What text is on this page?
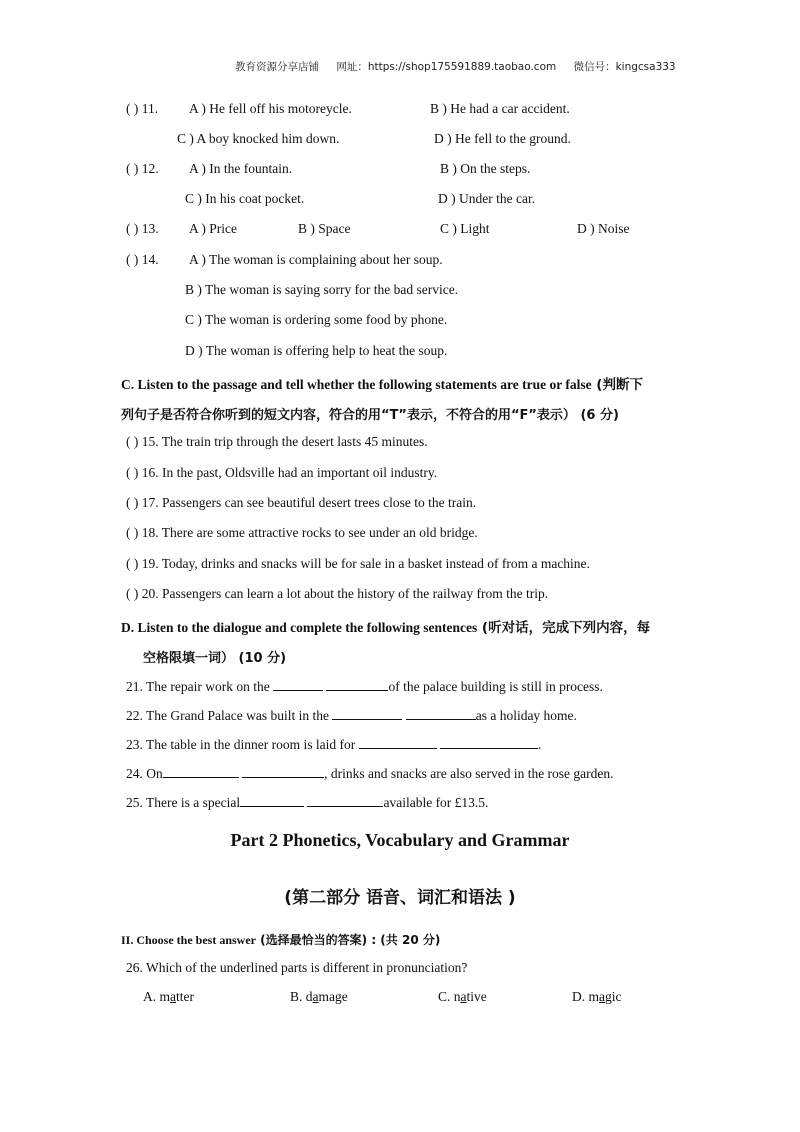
教育资源分享店铺 网址：https://shop175591889.taobao.com 微信号：kingcsa333
( ) 11. A ) He fell off his motoreycle.	B ) He had a car accident.
C ) A boy knocked him down.	D ) He fell to the ground.
( ) 12. A ) In the fountain.	B ) On the steps.
C ) In his coat pocket.	D ) Under the car.
( ) 13. A ) Price	B ) Space	C ) Light	D ) Noise
( ) 14. A ) The woman is complaining about her soup.
B ) The woman is saying sorry for the bad service.
C ) The woman is ordering some food by phone.
D ) The woman is offering help to heat the soup.
C. Listen to the passage and tell whether the following statements are true or false (判断下
列句子是否符合你听到的短文内容，符合的用“T”表示，不符合的用“F”表示） (6 分)
( ) 15. The train trip through the desert lasts 45 minutes.
( ) 16. In the past, Oldsville had an important oil industry.
( ) 17. Passengers can see beautiful desert trees close to the train.
( ) 18. There are some attractive rocks to see under an old bridge.
( ) 19. Today, drinks and snacks will be for sale in a basket instead of from a machine.
( ) 20. Passengers can learn a lot about the history of the railway from the trip.
D. Listen to the dialogue and complete the following sentences (听对话，完成下列内容，每
空格限填一词） (10 分)
21. The repair work on the	of the palace building is still in process.
22. The Grand Palace was built in the	as a holiday home.
23. The table in the dinner room is laid for	.
24. On	, drinks and snacks are also served in the rose garden.
25. There is a special	available for £13.5.
Part 2 Phonetics, Vocabulary and Grammar
(第二部分 语音、词汇和语法 )
II. Choose the best answer (选择最恰当的答案) : (共 20 分)
26. Which of the underlined parts is different in pronunciation?
A. matter	B. damage	C. native	D. magic
